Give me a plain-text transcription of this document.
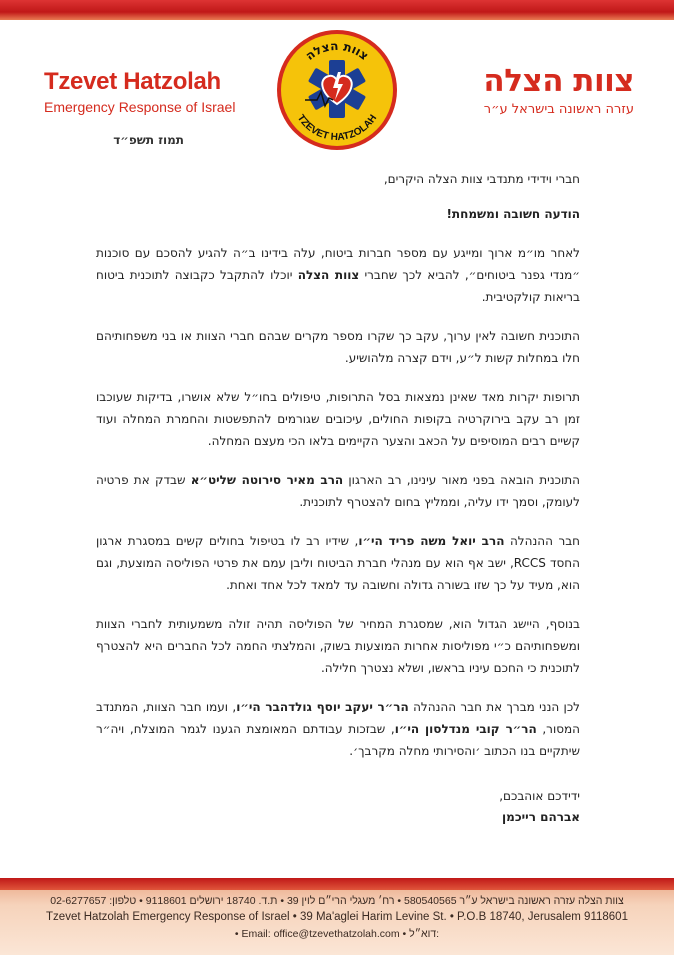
Tzevet Hatzolah
Emergency Response of Israel
צוות הצלה
TZEVET HATZOLAH
צוות הצלה
עזרה ראשונה בישראל ע״ר
תמוז תשפ״ד

חברי וידידי מתנדבי צוות הצלה היקרים,

הודעה חשובה ומשמחת!

לאחר מו״מ ארוך ומייגע עם מספר חברות ביטוח, עלה בידינו ב״ה להגיע להסכם עם סוכנות ״מנדי גפנר ביטוחים״, להביא לכך שחברי צוות הצלה יוכלו להתקבל כקבוצה לתוכנית ביטוח בריאות קולקטיבית.

התוכנית חשובה לאין ערוך, עקב כך שקרו מספר מקרים שבהם חברי הצוות או בני משפחותיהם חלו במחלות קשות ל״ע, וידם קצרה מלהושיע.

תרופות יקרות מאד שאינן נמצאות בסל התרופות, טיפולים בחו״ל שלא אושרו, בדיקות שעוכבו זמן רב עקב בירוקרטיה בקופות החולים, עיכובים שגורמים להתפשטות והחמרת המחלה ועוד קשיים רבים המוסיפים על הכאב והצער הקיימים בלאו הכי מעצם המחלה.

התוכנית הובאה בפני מאור עינינו, רב הארגון הרב מאיר סירוטה שליט״א שבדק את פרטיה לעומק, וסמך ידו עליה, וממליץ בחום להצטרף לתוכנית.

חבר ההנהלה הרב יואל משה פריד הי״ו, שידיו רב לו בטיפול בחולים קשים במסגרת ארגון החסד RCCS, ישב אף הוא עם מנהלי חברת הביטוח וליבן עמם את פרטי הפוליסה המוצעת, וגם הוא, מעיד על כך שזו בשורה גדולה וחשובה עד למאד לכל אחד ואחת.

בנוסף, היישג הגדול הוא, שמסגרת המחיר של הפוליסה תהיה זולה משמעותית לחברי הצוות ומשפחותיהם כ״י מפוליסות אחרות המוצעות בשוק, והמלצתי החמה לכל החברים היא להצטרף לתוכנית כי החכם עיניו בראשו, ושלא נצטרך חלילה.

לכן הנני מברך את חבר ההנהלה הר״ר יעקב יוסף גולדהבר הי״ו, ועמו חבר הצוות, המתנדב המסור, הר״ר קובי מנדלסון הי״ו, שבזכות עבודתם המאומצת הגענו לגמר המוצלח, ויה״ר שיתקיים בנו הכתוב ׳והסירותי מחלה מקרבך׳.

ידידכם אוהבכם,
אברהם רייכמן
צוות הצלה עזרה ראשונה בישראל ע״ר 580540565 • רח׳ מעגלי הרי״ם לוין 39 • ת.ד. 18740 ירושלים 9118601 • טלפון: 02-6277657
Tzevet Hatzolah Emergency Response of Israel • 39 Ma'aglei Harim Levine St. • P.O.B 18740, Jerusalem 9118601
• Email: office@tzevethatzolah.com • דוא״ל:
